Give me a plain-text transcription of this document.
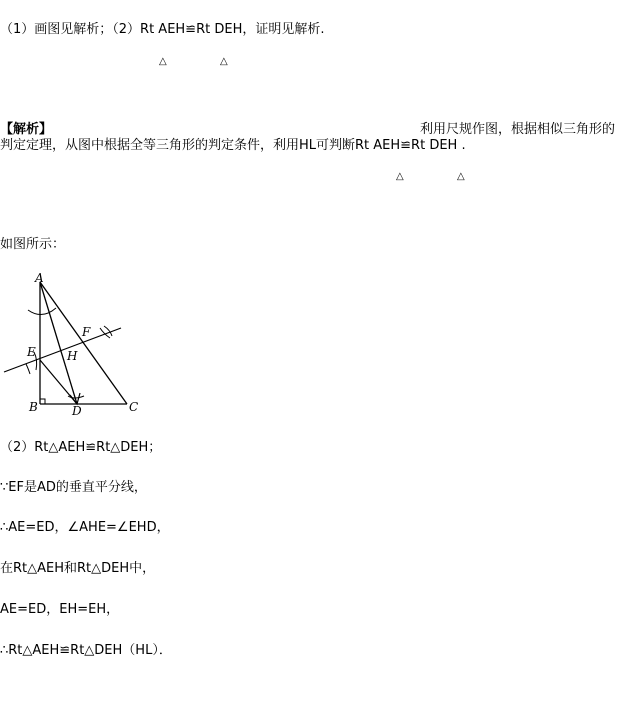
（1）画图见解析；（2）Rt AEH≌Rt DEH，证明见解析.
△	△
【解析】	利用尺规作图，根据相似三角形的
判定定理，从图中根据全等三角形的判定条件，利用HL可判断Rt AEH≌Rt DEH .
△	△
如图所示：
A
B	C
D
E
F
H
（2）Rt△AEH≌Rt△DEH；
∵EF是AD的垂直平分线，
∴AE=ED，∠AHE=∠EHD，
在Rt△AEH和Rt△DEH中，
AE=ED，EH=EH，
∴Rt△AEH≌Rt△DEH（HL）．
